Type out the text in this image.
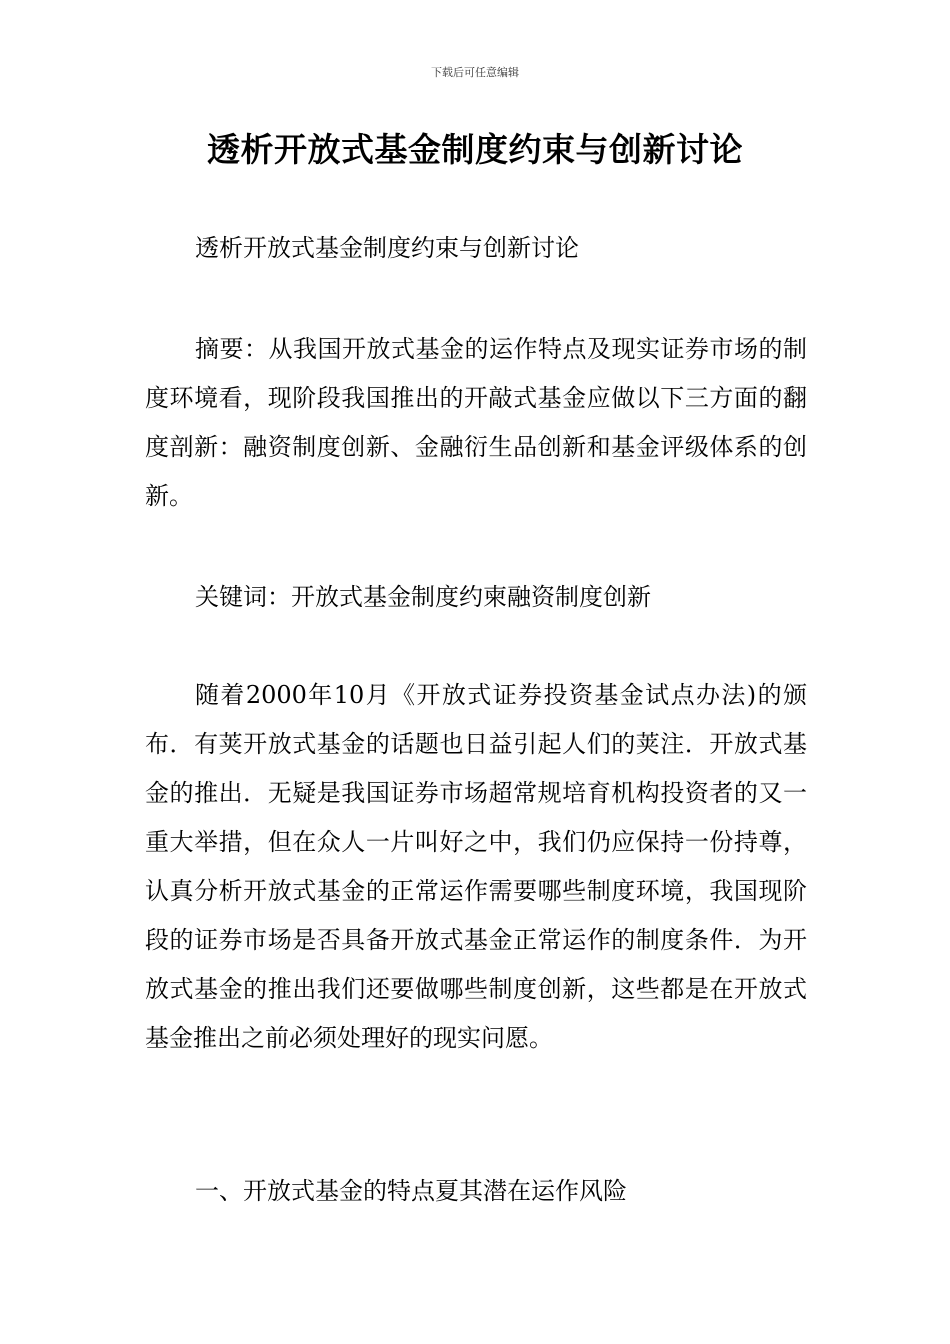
下载后可任意编辑
透析开放式基金制度约束与创新讨论

透析开放式基金制度约束与创新讨论

摘要：从我国开放式基金的运作特点及现实证券市场的制度环境看，现阶段我国推出的开敲式基金应做以下三方面的翻度剖新：融资制度创新、金融衍生品创新和基金评级体系的创新。

关键词：开放式基金制度约柬融资制度创新

随着2000年10月《开放式证券投资基金试点办法)的颁布．有荚开放式基金的话题也日益引起人们的荚注．开放式基金的推出．无疑是我国证券市场超常规培育机构投资者的又一重大举措，但在众人一片叫好之中，我们仍应保持一份持尊，认真分析开放式基金的正常运作需要哪些制度环境，我国现阶段的证券市场是否具备开放式基金正常运作的制度条件．为开放式基金的推出我们还要做哪些制度创新，这些都是在开放式基金推出之前必须处理好的现实问愿。

一、开放式基金的特点夏其潜在运作风险
